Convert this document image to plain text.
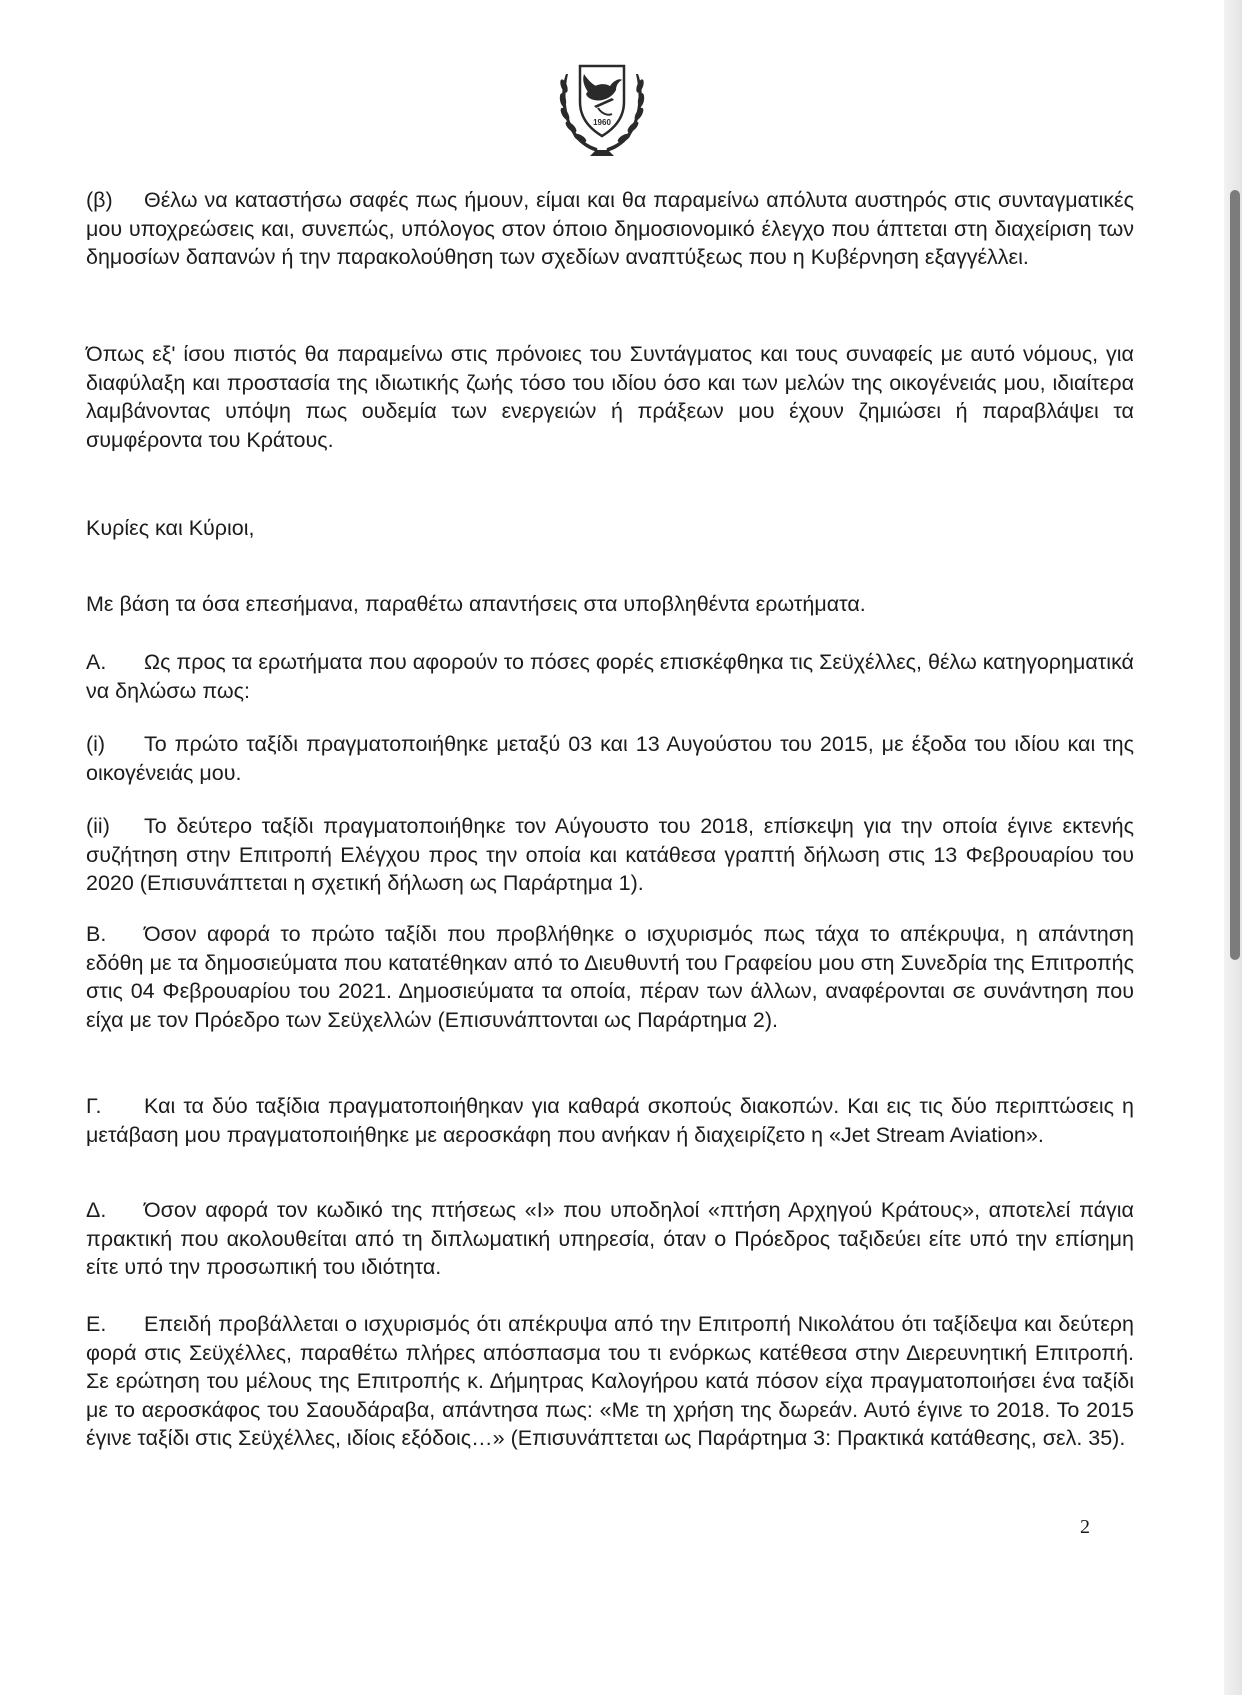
1960

(β) Θέλω να καταστήσω σαφές πως ήμουν, είμαι και θα παραμείνω απόλυτα αυστηρός στις συνταγματικές μου υποχρεώσεις και, συνεπώς, υπόλογος στον όποιο δημοσιονομικό έλεγχο που άπτεται στη διαχείριση των δημοσίων δαπανών ή την παρακολούθηση των σχεδίων αναπτύξεως που η Κυβέρνηση εξαγγέλλει.

Όπως εξ' ίσου πιστός θα παραμείνω στις πρόνοιες του Συντάγματος και τους συναφείς με αυτό νόμους, για διαφύλαξη και προστασία της ιδιωτικής ζωής τόσο του ιδίου όσο και των μελών της οικογένειάς μου, ιδιαίτερα λαμβάνοντας υπόψη πως ουδεμία των ενεργειών ή πράξεων μου έχουν ζημιώσει ή παραβλάψει τα συμφέροντα του Κράτους.

Κυρίες και Κύριοι,

Με βάση τα όσα επεσήμανα, παραθέτω απαντήσεις στα υποβληθέντα ερωτήματα.

Α. Ως προς τα ερωτήματα που αφορούν το πόσες φορές επισκέφθηκα τις Σεϋχέλλες, θέλω κατηγορηματικά να δηλώσω πως:

(i) Το πρώτο ταξίδι πραγματοποιήθηκε μεταξύ 03 και 13 Αυγούστου του 2015, με έξοδα του ιδίου και της οικογένειάς μου.

(ii) Το δεύτερο ταξίδι πραγματοποιήθηκε τον Αύγουστο του 2018, επίσκεψη για την οποία έγινε εκτενής συζήτηση στην Επιτροπή Ελέγχου προς την οποία και κατάθεσα γραπτή δήλωση στις 13 Φεβρουαρίου του 2020 (Επισυνάπτεται η σχετική δήλωση ως Παράρτημα 1).

Β. Όσον αφορά το πρώτο ταξίδι που προβλήθηκε ο ισχυρισμός πως τάχα το απέκρυψα, η απάντηση εδόθη με τα δημοσιεύματα που κατατέθηκαν από το Διευθυντή του Γραφείου μου στη Συνεδρία της Επιτροπής στις 04 Φεβρουαρίου του 2021. Δημοσιεύματα τα οποία, πέραν των άλλων, αναφέρονται σε συνάντηση που είχα με τον Πρόεδρο των Σεϋχελλών (Επισυνάπτονται ως Παράρτημα 2).

Γ. Και τα δύο ταξίδια πραγματοποιήθηκαν για καθαρά σκοπούς διακοπών. Και εις τις δύο περιπτώσεις η μετάβαση μου πραγματοποιήθηκε με αεροσκάφη που ανήκαν ή διαχειρίζετο η «Jet Stream Aviation».

Δ. Όσον αφορά τον κωδικό της πτήσεως «Ι» που υποδηλοί «πτήση Αρχηγού Κράτους», αποτελεί πάγια πρακτική που ακολουθείται από τη διπλωματική υπηρεσία, όταν ο Πρόεδρος ταξιδεύει είτε υπό την επίσημη είτε υπό την προσωπική του ιδιότητα.

Ε. Επειδή προβάλλεται ο ισχυρισμός ότι απέκρυψα από την Επιτροπή Νικολάτου ότι ταξίδεψα και δεύτερη φορά στις Σεϋχέλλες, παραθέτω πλήρες απόσπασμα του τι ενόρκως κατέθεσα στην Διερευνητική Επιτροπή. Σε ερώτηση του μέλους της Επιτροπής κ. Δήμητρας Καλογήρου κατά πόσον είχα πραγματοποιήσει ένα ταξίδι με το αεροσκάφος του Σαουδάραβα, απάντησα πως: «Με τη χρήση της δωρεάν. Αυτό έγινε το 2018. Το 2015 έγινε ταξίδι στις Σεϋχέλλες, ιδίοις εξόδοις…» (Επισυνάπτεται ως Παράρτημα 3: Πρακτικά κατάθεσης, σελ. 35).

2
